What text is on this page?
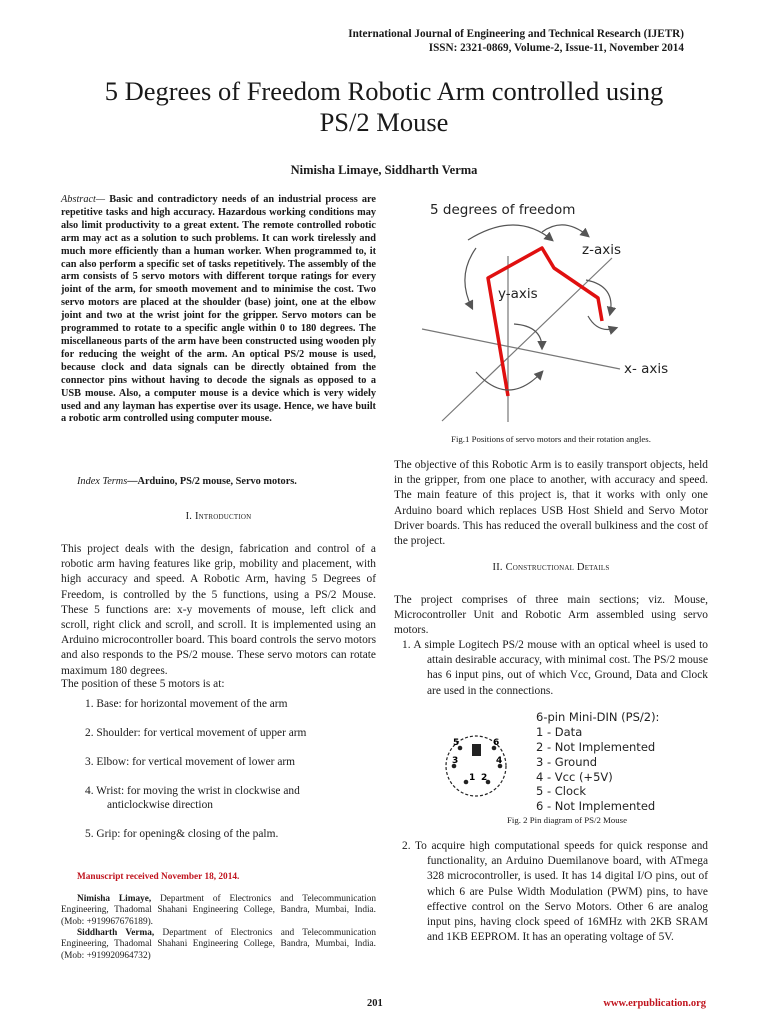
International Journal of Engineering and Technical Research (IJETR)
ISSN: 2321-0869, Volume-2, Issue-11, November 2014
5 Degrees of Freedom Robotic Arm controlled using
PS/2 Mouse
Nimisha Limaye, Siddharth Verma
Abstract— Basic and contradictory needs of an industrial process are repetitive tasks and high accuracy. Hazardous working conditions may also limit productivity to a great extent. The remote controlled robotic arm may act as a solution to such problems. It can work tirelessly and much more efficiently than a human worker. When programmed to, it can also perform a specific set of tasks repetitively. The assembly of the arm consists of 5 servo motors with different torque ratings for every joint of the arm, for smooth movement and to minimise the cost. Two servo motors are placed at the shoulder (base) joint, one at the elbow joint and two at the wrist joint for the gripper. Servo motors can be programmed to rotate to a specific angle within 0 to 180 degrees. The miscellaneous parts of the arm have been constructed using wooden ply for reducing the weight of the arm. An optical PS/2 mouse is used, because clock and data signals can be directly obtained from the connector pins without having to decode the signals as opposed to a USB mouse. Also, a computer mouse is a device which is very widely used and any layman has expertise over its usage. Hence, we have built a robotic arm controlled using computer mouse.
Index Terms—Arduino, PS/2 mouse, Servo motors.
I. Introduction
This project deals with the design, fabrication and control of a robotic arm having features like grip, mobility and placement, with high accuracy and speed. A Robotic Arm, having 5 Degrees of Freedom, is controlled by the 5 functions, using a PS/2 Mouse. These 5 functions are: x-y movements of mouse, left click and scroll, right click and scroll, and scroll. It is implemented using an Arduino microcontroller board. This board controls the servo motors and also responds to the PS/2 mouse. These servo motors can rotate maximum 180 degrees.
The position of these 5 motors is at:
1. Base: for horizontal movement of the arm
2. Shoulder: for vertical movement of upper arm
3. Elbow: for vertical movement of lower arm
4. Wrist: for moving the wrist in clockwise and
anticlockwise direction
5. Grip: for opening& closing of the palm.
Manuscript received November 18, 2014.
Nimisha Limaye, Department of Electronics and Telecommunication Engineering, Thadomal Shahani Engineering College, Bandra, Mumbai, India. (Mob: +919967676189).
Siddharth Verma, Department of Electronics and Telecommunication Engineering, Thadomal Shahani Engineering College, Bandra, Mumbai, India. (Mob: +919920964732)
5 degrees of freedom
z-axis
y-axis
x- axis
Fig.1 Positions of servo motors and their rotation angles.
The objective of this Robotic Arm is to easily transport objects, held in the gripper, from one place to another, with accuracy and speed. The main feature of this project is, that it works with only one Arduino board which replaces USB Host Shield and Servo Motor Driver boards. This has reduced the overall bulkiness and the cost of the project.
II. Constructional Details
The project comprises of three main sections; viz. Mouse, Microcontroller Unit and Robotic Arm assembled using servo motors.
1. A simple Logitech PS/2 mouse with an optical wheel is used to attain desirable accuracy, with minimal cost. The PS/2 mouse has 6 input pins, out of which Vcc, Ground, Data and Clock are used in the connections.
5	6
3	4
1 2
6-pin Mini-DIN (PS/2):
1 - Data
2 - Not Implemented
3 - Ground
4 - Vcc (+5V)
5 - Clock
6 - Not Implemented
Fig. 2 Pin diagram of PS/2 Mouse
2. To acquire high computational speeds for quick response and functionality, an Arduino Duemilanove board, with ATmega 328 microcontroller, is used. It has 14 digital I/O pins, out of which 6 are Pulse Width Modulation (PWM) pins, to have effective control on the Servo Motors. Other 6 are analog input pins, having clock speed of 16MHz with 2KB SRAM and 1KB EEPROM. It has an operating voltage of 5V.
201	www.erpublication.org
